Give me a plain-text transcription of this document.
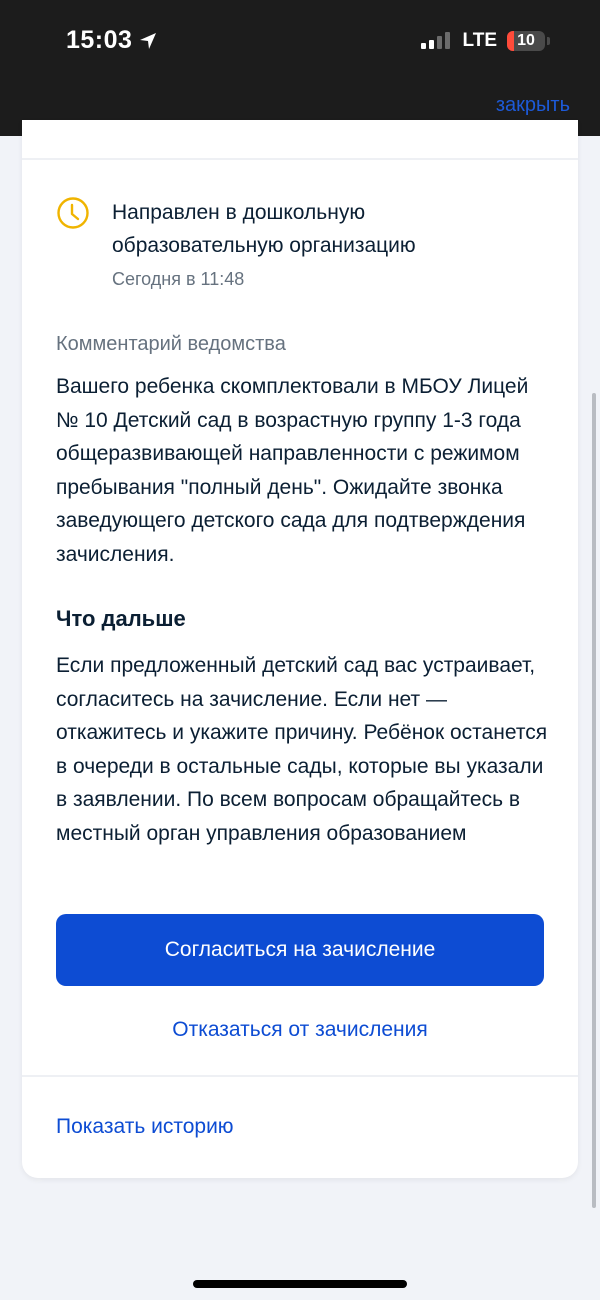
15:03	LTE 10
закрыть
Направлен в дошкольную образовательную организацию
Сегодня в 11:48
Комментарий ведомства
Вашего ребенка скомплектовали в МБОУ Лицей № 10 Детский сад в возрастную группу 1-3 года общеразвивающей направленности с режимом пребывания "полный день". Ожидайте звонка заведующего детского сада для подтверждения зачисления.
Что дальше
Если предложенный детский сад вас устраивает, согласитесь на зачисление. Если нет — откажитесь и укажите причину. Ребёнок останется в очереди в остальные сады, которые вы указали в заявлении. По всем вопросам обращайтесь в местный орган управления образованием
Согласиться на зачисление
Отказаться от зачисления
Показать историю
